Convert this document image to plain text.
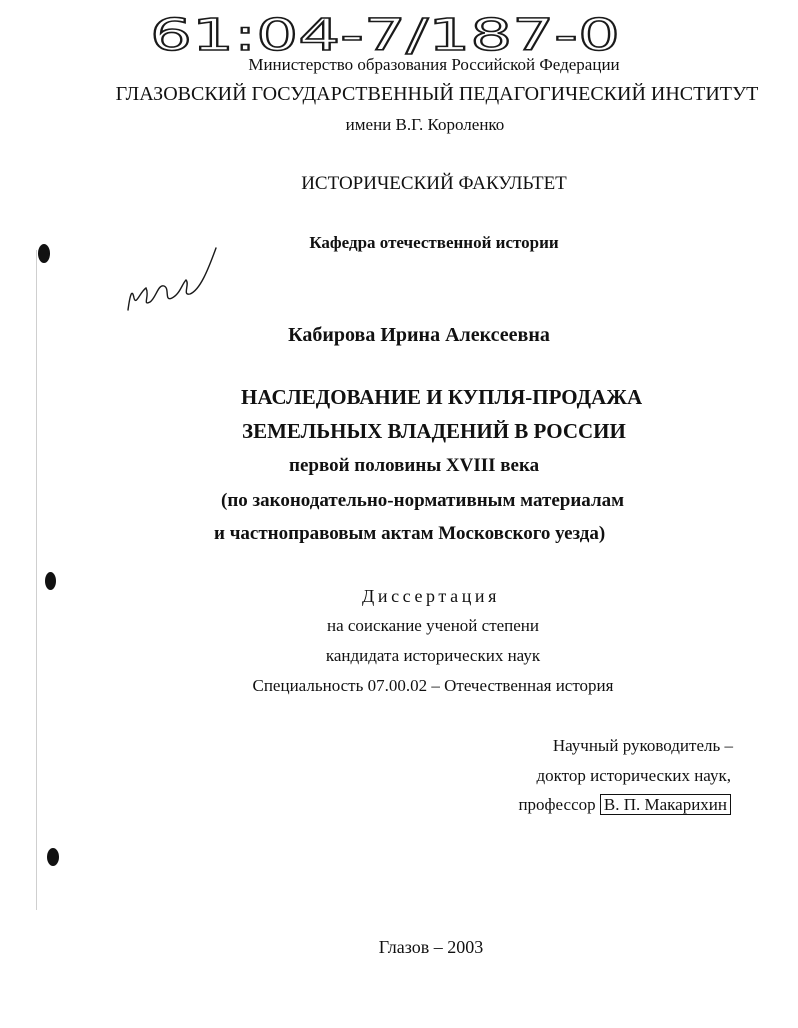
61:04-7/187-0
Министерство образования Российской Федерации
ГЛАЗОВСКИЙ ГОСУДАРСТВЕННЫЙ ПЕДАГОГИЧЕСКИЙ ИНСТИТУТ
имени В.Г. Короленко
ИСТОРИЧЕСКИЙ ФАКУЛЬТЕТ
Кафедра отечественной истории
Кабирова Ирина Алексеевна
НАСЛЕДОВАНИЕ И КУПЛЯ-ПРОДАЖА
ЗЕМЕЛЬНЫХ ВЛАДЕНИЙ В РОССИИ
первой половины XVIII века
(по законодательно-нормативным материалам
и частноправовым актам Московского уезда)
Диссертация
на соискание ученой степени
кандидата исторических наук
Специальность 07.00.02 – Отечественная история
Научный руководитель –
доктор исторических наук,
профессор В. П. Макарихин
Глазов – 2003
